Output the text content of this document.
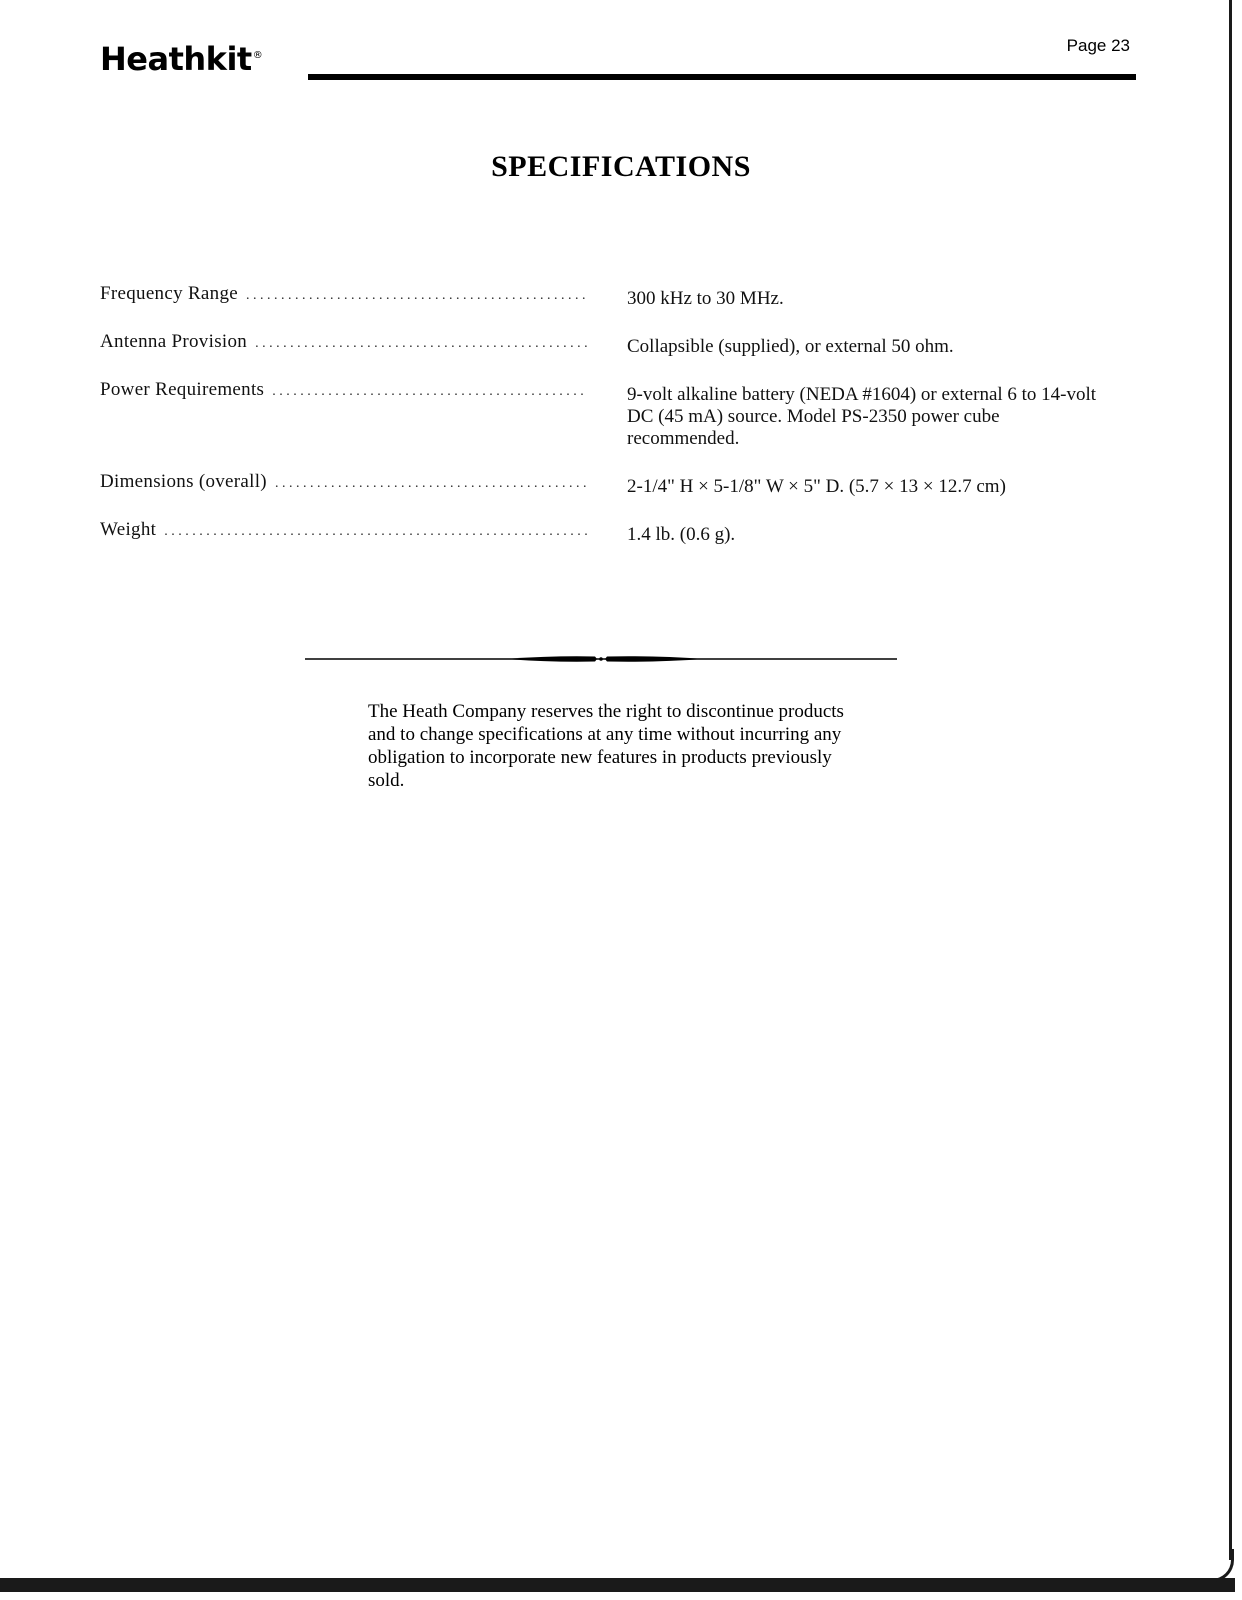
Heathkit®
Page 23
SPECIFICATIONS
Frequency Range . . .	300 kHz to 30 MHz.
Antenna Provision . . .	Collapsible (supplied), or external 50 ohm.
Power Requirements . . .	9-volt alkaline battery (NEDA #1604) or external 6 to 14-volt DC (45 mA) source. Model PS-2350 power cube recommended.
Dimensions (overall) . . .	2-1/4" H × 5-1/8" W × 5" D. (5.7 × 13 × 12.7 cm)
Weight . . .	1.4 lb. (0.6 g).
The Heath Company reserves the right to discontinue products and to change specifications at any time without incurring any obligation to incorporate new features in products previously sold.
